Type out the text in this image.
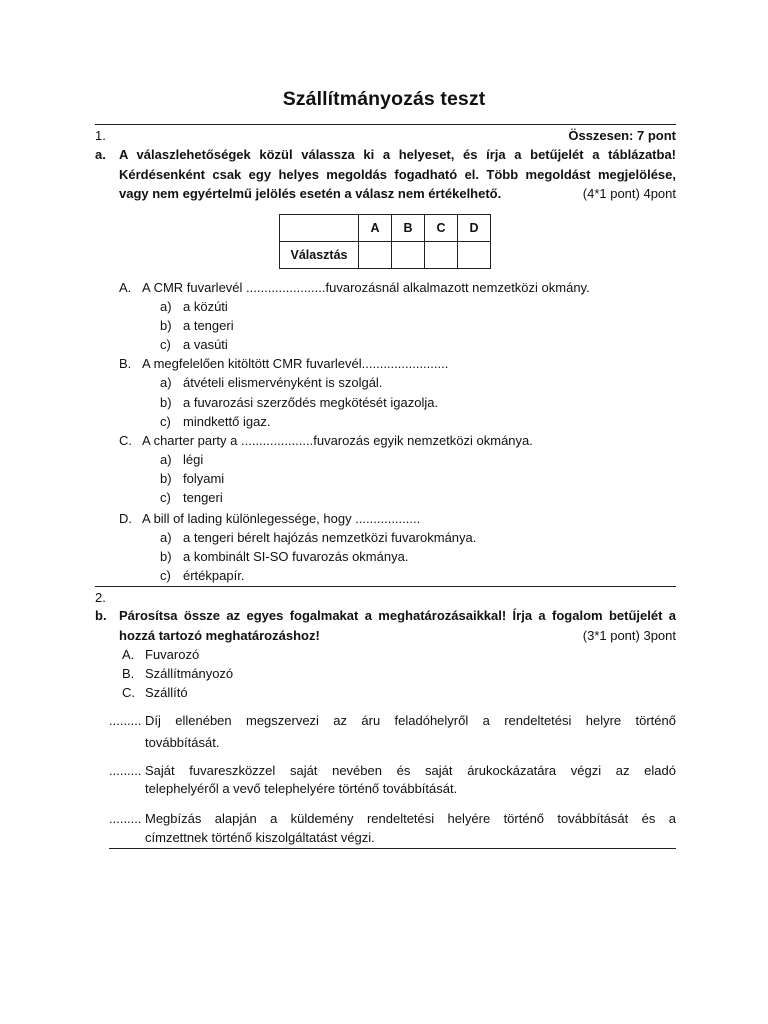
Szállítmányozás teszt
1.	Összesen: 7 pont
a. A válaszlehetőségek közül válassza ki a helyeset, és írja a betűjelét a táblázatba!
Kérdésenként csak egy helyes megoldás fogadható el. Több megoldást megjelölése,
vagy nem egyértelmű jelölés esetén a válasz nem értékelhető.	(4*1 pont) 4pont
	A	B	C	D
Választás				
A. A CMR fuvarlevél ......................fuvarozásnál alkalmazott nemzetközi okmány.
a) a közúti
b) a tengeri
c) a vasúti
B. A megfelelően kitöltött CMR fuvarlevél........................
a) átvételi elismervényként is szolgál.
b) a fuvarozási szerződés megkötését igazolja.
c) mindkettő igaz.
C. A charter party a ....................fuvarozás egyik nemzetközi okmánya.
a) légi
b) folyami
c) tengeri
D. A bill of lading különlegessége, hogy ..................
a) a tengeri bérelt hajózás nemzetközi fuvarokmánya.
b) a kombinált SI-SO fuvarozás okmánya.
c) értékpapír.
2.
b. Párosítsa össze az egyes fogalmakat a meghatározásaikkal! Írja a fogalom betűjelét a
hozzá tartozó meghatározáshoz!	(3*1 pont) 3pont
A. Fuvarozó
B. Szállítmányozó
C. Szállító
......... Díj ellenében megszervezi az áru feladóhelyről a rendeltetési helyre történő
továbbítását.
......... Saját fuvareszközzel saját nevében és saját árukockázatára végzi az eladó
telephelyéről a vevő telephelyére történő továbbítását.
......... Megbízás alapján a küldemény rendeltetési helyére történő továbbítását és a
címzettnek történő kiszolgáltatást végzi.
